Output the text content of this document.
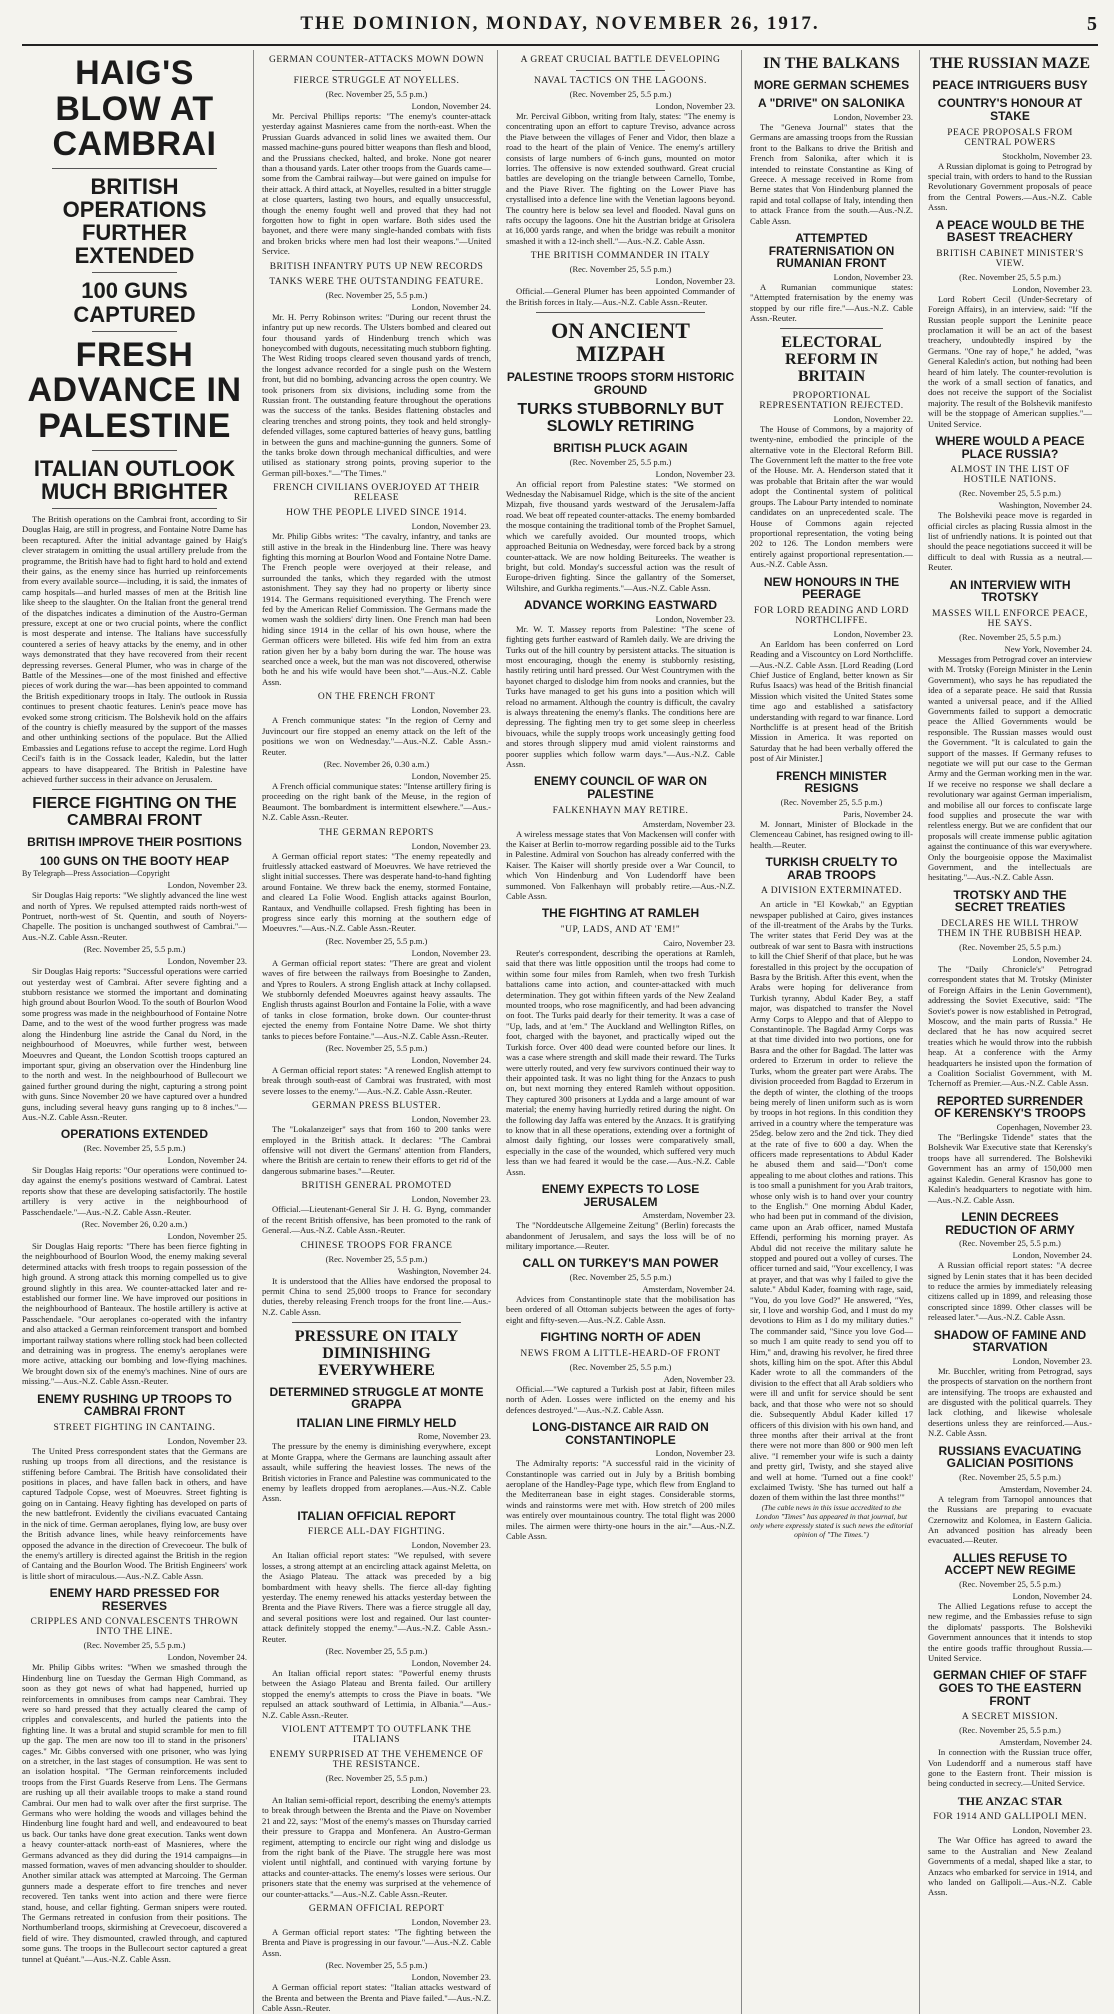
THE DOMINION, MONDAY, NOVEMBER 26, 1917.	5
HAIG'S BLOW AT CAMBRAI
BRITISH OPERATIONS FURTHER EXTENDED
100 GUNS CAPTURED
FRESH ADVANCE IN PALESTINE
ITALIAN OUTLOOK MUCH BRIGHTER

The British operations on the Cambrai front, according to Sir Douglas Haig, are still in progress, and Fontaine Notre Dame has been recaptured. After the initial advantage gained by Haig's clever stratagem in omitting the usual artillery prelude from the programme, the British have had to fight hard to hold and extend their gains, as the enemy since has hurried up reinforcements from every available source—including, it is said, the inmates of camp hospitals—and hurled masses of men at the British line like sheep to the slaughter. On the Italian front the general trend of the dispatches indicates a diminution of the Austro-German pressure, except at one or two crucial points, where the conflict is most desperate and intense. The Italians have successfully countered a series of heavy attacks by the enemy, and in other ways demonstrated that they have recovered from their recent depressing reverses. General Plumer, who was in charge of the Battle of the Messines—one of the most finished and effective pieces of work during the war—has been appointed to command the British expeditionary troops in Italy. The outlook in Russia continues to present chaotic features. Lenin's peace move has evoked some strong criticism. The Bolshevik hold on the affairs of the country is chiefly measured by the support of the masses and other unthinking sections of the populace. But the Allied Embassies and Legations refuse to accept the regime. Lord Hugh Cecil's faith is in the Cossack leader, Kaledin, but the latter appears to have disappeared. The British in Palestine have achieved further success in their advance on Jerusalem.

FIERCE FIGHTING ON THE CAMBRAI FRONT
BRITISH IMPROVE THEIR POSITIONS
100 GUNS ON THE BOOTY HEAP
By Telegraph—Press Association—Copyright
London, November 23.

Sir Douglas Haig reports: "We slightly advanced the line west and north of Ypres. We repulsed attempted raids north-west of Pontruet, north-west of St. Quentin, and south of Noyers-Chapelle. The position is unchanged southwest of Cambrai."—Aus.-N.Z. Cable Assn.-Reuter.

(Rec. November 25, 5.5 p.m.)
London, November 23.

Sir Douglas Haig reports: "Successful operations were carried out yesterday west of Cambrai. After severe fighting and a stubborn resistance we stormed the important and dominating high ground about Bourlon Wood. To the south of Bourlon Wood some progress was made in the neighbourhood of Fontaine Notre Dame, and to the west of the wood further progress was made along the Hindenburg line astride the Canal du Nord, in the neighbourhood of Moeuvres, while further west, between Moeuvres and Queant, the London Scottish troops captured an important spur, giving an observation over the Hindenburg line to the north and west. In the neighbourhood of Bullecourt we gained further ground during the night, capturing a strong point with guns. Since November 20 we have captured over a hundred guns, including several heavy guns ranging up to 8 inches."—Aus.-N.Z. Cable Assn.-Reuter.

OPERATIONS EXTENDED
(Rec. November 25, 5.5 p.m.)
London, November 24.

Sir Douglas Haig reports: "Our operations were continued to-day against the enemy's positions westward of Cambrai. Latest reports show that these are developing satisfactorily. The hostile artillery is very active in the neighbourhood of Passchendaele."—Aus.-N.Z. Cable Assn.-Reuter.

(Rec. November 26, 0.20 a.m.)
London, November 25.

Sir Douglas Haig reports: "There has been fierce fighting in the neighbourhood of Bourlon Wood, the enemy making several determined attacks with fresh troops to regain possession of the high ground. A strong attack this morning compelled us to give ground slightly in this area. We counter-attacked later and re-established our former line. We have improved our positions in the neighbourhood of Banteaux. The hostile artillery is active at Passchendaele. "Our aeroplanes co-operated with the infantry and also attacked a German reinforcement transport and bombed important railway stations where rolling stock had been collected and detraining was in progress. The enemy's aeroplanes were more active, attacking our bombing and low-flying machines. We brought down six of the enemy's machines. Nine of ours are missing."—Aus.-N.Z. Cable Assn.-Reuter.

ENEMY RUSHING UP TROOPS TO CAMBRAI FRONT
STREET FIGHTING IN CANTAING.
London, November 23.

The United Press correspondent states that the Germans are rushing up troops from all directions, and the resistance is stiffening before Cambrai. The British have consolidated their positions in places, and have fallen back in others, and have captured Tadpole Copse, west of Moeuvres. Street fighting is going on in Cantaing. Heavy fighting has developed on parts of the new battlefront. Evidently the civilians evacuated Cantaing in the nick of time. German aeroplanes, flying low, are busy over the British advance lines, while heavy reinforcements have opposed the advance in the direction of Crevecoeur. The bulk of the enemy's artillery is directed against the British in the region of Cantaing and the Bourlon Wood. The British Engineers' work is little short of miraculous.—Aus.-N.Z. Cable Assn.

ENEMY HARD PRESSED FOR RESERVES
CRIPPLES AND CONVALESCENTS THROWN INTO THE LINE.
(Rec. November 25, 5.5 p.m.)
London, November 24.

Mr. Philip Gibbs writes: "When we smashed through the Hindenburg line on Tuesday the German High Command, as soon as they got news of what had happened, hurried up reinforcements in omnibuses from camps near Cambrai. They were so hard pressed that they actually cleared the camp of cripples and convalescents, and hurled the patients into the fighting line. It was a brutal and stupid scramble for men to fill up the gap. The men are now too ill to stand in the prisoners' cages." Mr. Gibbs conversed with one prisoner, who was lying on a stretcher, in the last stages of consumption. He was sent to an isolation hospital. "The German reinforcements included troops from the First Guards Reserve from Lens. The Germans are rushing up all their available troops to make a stand round Cambrai. Our men had to walk over after the first surprise. The Germans who were holding the woods and villages behind the Hindenburg line fought hard and well, and endeavoured to beat us back. Our tanks have done great execution. Tanks went down a heavy counter-attack north-east of Masnieres, where the Germans advanced as they did during the 1914 campaigns—in massed formation, waves of men advancing shoulder to shoulder. Another similar attack was attempted at Marcoing. The German gunners made a desperate effort to fire trenches and never recovered. Ten tanks went into action and there were fierce stand, house, and cellar fighting. German snipers were routed. The Germans retreated in confusion from their positions. The Northumberland troops, skirmishing at Crevecoeur, discovered a field of wire. They dismounted, crawled through, and captured some guns. The troops in the Bullecourt sector captured a great tunnel at Quéant."—Aus.-N.Z. Cable Assn.

GERMAN COUNTER-ATTACKS MOWN DOWN
FIERCE STRUGGLE AT NOYELLES.
(Rec. November 25, 5.5 p.m.)
London, November 24.

Mr. Percival Phillips reports: "The enemy's counter-attack yesterday against Masnieres came from the north-east. When the Prussian Guards advanced in solid lines we awaited them. Our massed machine-guns poured bitter weapons than flesh and blood, and the Prussians checked, halted, and broke. None got nearer than a thousand yards. Later other troops from the Guards came—some from the Cambrai railway—but were gained on impulse for their attack. A third attack, at Noyelles, resulted in a bitter struggle at close quarters, lasting two hours, and equally unsuccessful, though the enemy fought well and proved that they had not forgotten how to fight in open warfare. Both sides used the bayonet, and there were many single-handed combats with fists and broken bricks where men had lost their weapons."—United Service.

BRITISH INFANTRY PUTS UP NEW RECORDS
TANKS WERE THE OUTSTANDING FEATURE.
(Rec. November 25, 5.5 p.m.)
London, November 24.

Mr. H. Perry Robinson writes: "During our recent thrust the infantry put up new records. The Ulsters bombed and cleared out four thousand yards of Hindenburg trench which was honeycombed with dugouts, necessitating much stubborn fighting. The West Riding troops cleared seven thousand yards of trench, the longest advance recorded for a single push on the Western front, but did no bombing, advancing across the open country. We took prisoners from six divisions, including some from the Russian front. The outstanding feature throughout the operations was the success of the tanks. Besides flattening obstacles and clearing trenches and strong points, they took and held strongly-defended villages, some captured batteries of heavy guns, battling in between the guns and machine-gunning the gunners. Some of the tanks broke down through mechanical difficulties, and were utilised as stationary strong points, proving superior to the German pill-boxes."—"The Times."

FRENCH CIVILIANS OVERJOYED AT THEIR RELEASE
HOW THE PEOPLE LIVED SINCE 1914.
London, November 23.

Mr. Philip Gibbs writes: "The cavalry, infantry, and tanks are still astive in the break in the Hindenburg line. There was heavy fighting this morning at Bourlon Wood and Fontaine Notre Dame. The French people were overjoyed at their release, and surrounded the tanks, which they regarded with the utmost astonishment. They say they had no property or liberty since 1914. The Germans requisitioned everything. The French were fed by the American Relief Commission. The Germans made the women wash the soldiers' dirty linen. One French man had been hiding since 1914 in the cellar of his own house, where the German officers were billeted. His wife fed him from an extra ration given her by a baby born during the war. The house was searched once a week, but the man was not discovered, otherwise both he and his wife would have been shot."—Aus.-N.Z. Cable Assn.

ON THE FRENCH FRONT
London, November 23.

A French communique states: "In the region of Cerny and Juvincourt our fire stopped an enemy attack on the left of the positions we won on Wednesday."—Aus.-N.Z. Cable Assn.-Reuter.

(Rec. November 26, 0.30 a.m.)
London, November 25.

A French official communique states: "Intense artillery firing is proceeding on the right bank of the Meuse, in the region of Beaumont. The bombardment is intermittent elsewhere."—Aus.-N.Z. Cable Assn.-Reuter.

THE GERMAN REPORTS
London, November 23.

A German official report states: "The enemy repeatedly and fruitlessly attacked eastward of Moeuvres. We have retrieved the slight initial successes. There was desperate hand-to-hand fighting around Fontaine. We threw back the enemy, stormed Fontaine, and cleared La Folie Wood. English attacks against Bourlon, Rantaux, and Vendhuille collapsed. Fresh fighting has been in progress since early this morning at the southern edge of Moeuvres."—Aus.-N.Z. Cable Assn.-Reuter.

(Rec. November 25, 5.5 p.m.)
London, November 23.

A German official report states: "There are great and violent waves of fire between the railways from Boesinghe to Zanden, and Ypres to Roulers. A strong English attack at Inchy collapsed. We stubbornly defended Moeuvres against heavy assaults. The English thrusts against Bourlon and Fontaine la Folie, with a wave of tanks in close formation, broke down. Our counter-thrust ejected the enemy from Fontaine Notre Dame. We shot thirty tanks to pieces before Fontaine."—Aus.-N.Z. Cable Assn.-Reuter.

(Rec. November 25, 5.5 p.m.)
London, November 24.

A German official report states: "A renewed English attempt to break through south-east of Cambrai was frustrated, with most severe losses to the enemy."—Aus.-N.Z. Cable Assn.-Reuter.

GERMAN PRESS BLUSTER.
London, November 23.

The "Lokalanzeiger" says that from 160 to 200 tanks were employed in the British attack. It declares: "The Cambrai offensive will not divert the Germans' attention from Flanders, where the British are certain to renew their efforts to get rid of the dangerous submarine bases."—Reuter.

BRITISH GENERAL PROMOTED
London, November 23.

Official.—Lieutenant-General Sir J. H. G. Byng, commander of the recent British offensive, has been promoted to the rank of General.—Aus.-N.Z. Cable Assn.-Reuter.

CHINESE TROOPS FOR FRANCE
(Rec. November 25, 5.5 p.m.)
Washington, November 24.

It is understood that the Allies have endorsed the proposal to permit China to send 25,000 troops to France for secondary duties, thereby releasing French troops for the front line.—Aus.-N.Z. Cable Assn.

PRESSURE ON ITALY DIMINISHING EVERYWHERE
DETERMINED STRUGGLE AT MONTE GRAPPA
ITALIAN LINE FIRMLY HELD
Rome, November 23.

The pressure by the enemy is diminishing everywhere, except at Monte Grappa, where the Germans are launching assault after assault, while suffering the heaviest losses. The news of the British victories in France and Palestine was communicated to the enemy by leaflets dropped from aeroplanes.—Aus.-N.Z. Cable Assn.

ITALIAN OFFICIAL REPORT
FIERCE ALL-DAY FIGHTING.
London, November 23.

An Italian official report states: "We repulsed, with severe losses, a strong attempt at an encircling attack against Meletta, on the Asiago Plateau. The attack was preceded by a big bombardment with heavy shells. The fierce all-day fighting yesterday. The enemy renewed his attacks yesterday between the Brenta and the Piave Rivers. There was a fierce struggle all day, and several positions were lost and regained. Our last counter-attack definitely stopped the enemy."—Aus.-N.Z. Cable Assn.-Reuter.

(Rec. November 25, 5.5 p.m.)
London, November 24.

An Italian official report states: "Powerful enemy thrusts between the Asiago Plateau and Brenta failed. Our artillery stopped the enemy's attempts to cross the Piave in boats. "We repulsed an attack southward of Lettimia, in Albania."—Aus.-N.Z. Cable Assn.-Reuter.

VIOLENT ATTEMPT TO OUTFLANK THE ITALIANS
ENEMY SURPRISED AT THE VEHEMENCE OF THE RESISTANCE.
(Rec. November 25, 5.5 p.m.)
London, November 23.

An Italian semi-official report, describing the enemy's attempts to break through between the Brenta and the Piave on November 21 and 22, says: "Most of the enemy's masses on Thursday carried their pressure to Grappa and Monfenera. An Austro-German regiment, attempting to encircle our right wing and dislodge us from the right bank of the Piave. The struggle here was most violent until nightfall, and continued with varying fortune by attacks and counter-attacks. The enemy's losses were serious. Our prisoners state that the enemy was surprised at the vehemence of our counter-attacks."—Aus.-N.Z. Cable Assn.-Reuter.

GERMAN OFFICIAL REPORT
London, November 23.

A German official report states: "The fighting between the Brenta and Piave is progressing in our favour."—Aus.-N.Z. Cable Assn.

(Rec. November 25, 5.5 p.m.)
London, November 23.

A German official report states: "Italian attacks westward of the Brenta and between the Brenta and Piave failed."—Aus.-N.Z. Cable Assn.-Reuter.

A GREAT CRUCIAL BATTLE DEVELOPING
NAVAL TACTICS ON THE LAGOONS.
(Rec. November 25, 5.5 p.m.)
London, November 23.

Mr. Percival Gibbon, writing from Italy, states: "The enemy is concentrating upon an effort to capture Treviso, advance across the Piave between the villages of Fener and Vidor, then blaze a road to the heart of the plain of Venice. The enemy's artillery consists of large numbers of 6-inch guns, mounted on motor lorries. The offensive is now extended southward. Great crucial battles are developing on the triangle between Carnello, Tombe, and the Piave River. The fighting on the Lower Piave has crystallised into a defence line with the Venetian lagoons beyond. The country here is below sea level and flooded. Naval guns on rafts occupy the lagoons. One hit the Austrian bridge at Grisolera at 16,000 yards range, and when the bridge was rebuilt a monitor smashed it with a 12-inch shell."—Aus.-N.Z. Cable Assn.

THE BRITISH COMMANDER IN ITALY
(Rec. November 25, 5.5 p.m.)
London, November 23.

Official.—General Plumer has been appointed Commander of the British forces in Italy.—Aus.-N.Z. Cable Assn.-Reuter.

ON ANCIENT MIZPAH
PALESTINE TROOPS STORM HISTORIC GROUND
TURKS STUBBORNLY BUT SLOWLY RETIRING
BRITISH PLUCK AGAIN
(Rec. November 25, 5.5 p.m.)
London, November 23.

An official report from Palestine states: "We stormed on Wednesday the Nabisamuel Ridge, which is the site of the ancient Mizpah, five thousand yards westward of the Jerusalem-Jaffa road. We beat off repeated counter-attacks. The enemy bombarded the mosque containing the traditional tomb of the Prophet Samuel, which we carefully avoided. Our mounted troops, which approached Beitunia on Wednesday, were forced back by a strong counter-attack. We are now holding Beitureeks. The weather is bright, but cold. Monday's successful action was the result of Europe-driven fighting. Since the gallantry of the Somerset, Wiltshire, and Gurkha regiments."—Aus.-N.Z. Cable Assn.

ADVANCE WORKING EASTWARD
London, November 23.

Mr. W. T. Massey reports from Palestine: "The scene of fighting gets further eastward of Ramleh daily. We are driving the Turks out of the hill country by persistent attacks. The situation is most encouraging, though the enemy is stubbornly resisting, hastily retiring until hard pressed. Our West Countrymen with the bayonet charged to dislodge him from nooks and crannies, but the Turks have managed to get his guns into a position which will reload no armament. Although the country is difficult, the cavalry is always threatening the enemy's flanks. The conditions here are depressing. The fighting men try to get some sleep in cheerless bivouacs, while the supply troops work unceasingly getting food and stores through slippery mud amid violent rainstorms and poorer supplies which follow warm days."—Aus.-N.Z. Cable Assn.

ENEMY COUNCIL OF WAR ON PALESTINE
FALKENHAYN MAY RETIRE.
Amsterdam, November 23.

A wireless message states that Von Mackensen will confer with the Kaiser at Berlin to-morrow regarding possible aid to the Turks in Palestine. Admiral von Souchon has already conferred with the Kaiser. The Kaiser will shortly preside over a War Council, to which Von Hindenburg and Von Ludendorff have been summoned. Von Falkenhayn will probably retire.—Aus.-N.Z. Cable Assn.

THE FIGHTING AT RAMLEH
"UP, LADS, AND AT 'EM!"
Cairo, November 23.

Reuter's correspondent, describing the operations at Ramleh, said that there was little opposition until the troops had come to within some four miles from Ramleh, when two fresh Turkish battalions came into action, and counter-attacked with much determination. They got within fifteen yards of the New Zealand mounted troops, who rose magnificently, and had been advancing on foot. The Turks paid dearly for their temerity. It was a case of "Up, lads, and at 'em." The Auckland and Wellington Rifles, on foot, charged with the bayonet, and practically wiped out the Turkish force. Over 400 dead were counted before our lines. It was a case where strength and skill made their reward. The Turks were utterly routed, and very few survivors continued their way to their appointed task. It was no light thing for the Anzacs to push on, but next morning they entered Ramleh without opposition. They captured 300 prisoners at Lydda and a large amount of war material; the enemy having hurriedly retired during the night. On the following day Jaffa was entered by the Anzacs. It is gratifying to know that in all these operations, extending over a fortnight of almost daily fighting, our losses were comparatively small, especially in the case of the wounded, which suffered very much less than we had feared it would be the case.—Aus.-N.Z. Cable Assn.

ENEMY EXPECTS TO LOSE JERUSALEM
Amsterdam, November 23.

The "Norddeutsche Allgemeine Zeitung" (Berlin) forecasts the abandonment of Jerusalem, and says the loss will be of no military importance.—Reuter.

CALL ON TURKEY'S MAN POWER
(Rec. November 25, 5.5 p.m.)
Amsterdam, November 24.

Advices from Constantinople state that the mobilisation has been ordered of all Ottoman subjects between the ages of forty-eight and fifty-seven.—Aus.-N.Z. Cable Assn.

FIGHTING NORTH OF ADEN
NEWS FROM A LITTLE-HEARD-OF FRONT
(Rec. November 25, 5.5 p.m.)
Aden, November 23.

Official.—"We captured a Turkish post at Jabir, fifteen miles north of Aden. Losses were inflicted on the enemy and his defences destroyed."—Aus.-N.Z. Cable Assn.

LONG-DISTANCE AIR RAID ON CONSTANTINOPLE
London, November 23.

The Admiralty reports: "A successful raid in the vicinity of Constantinople was carried out in July by a British bombing aeroplane of the Handley-Page type, which flew from England to the Mediterranean base in eight stages. Considerable storms, winds and rainstorms were met with. How stretch of 200 miles was entirely over mountainous country. The total flight was 2000 miles. The airmen were thirty-one hours in the air."—Aus.-N.Z. Cable Assn.

IN THE BALKANS
MORE GERMAN SCHEMES
A "DRIVE" ON SALONIKA
London, November 23.

The "Geneva Journal" states that the Germans are amassing troops from the Russian front to the Balkans to drive the British and French from Salonika, after which it is intended to reinstate Constantine as King of Greece. A message received in Rome from Berne states that Von Hindenburg planned the rapid and total collapse of Italy, intending then to attack France from the south.—Aus.-N.Z. Cable Assn.

ATTEMPTED FRATERNISATION ON RUMANIAN FRONT
London, November 23.

A Rumanian communique states: "Attempted fraternisation by the enemy was stopped by our rifle fire."—Aus.-N.Z. Cable Assn.-Reuter.

ELECTORAL REFORM IN BRITAIN
PROPORTIONAL REPRESENTATION REJECTED.
London, November 22.

The House of Commons, by a majority of twenty-nine, embodied the principle of the alternative vote in the Electoral Reform Bill. The Government left the matter to the free vote of the House. Mr. A. Henderson stated that it was probable that Britain after the war would adopt the Continental system of political groups. The Labour Party intended to nominate candidates on an unprecedented scale. The House of Commons again rejected proportional representation, the voting being 202 to 126. The London members were entirely against proportional representation.—Aus.-N.Z. Cable Assn.

NEW HONOURS IN THE PEERAGE
FOR LORD READING AND LORD NORTHCLIFFE.
London, November 23.

An Earldom has been conferred on Lord Reading and a Viscountcy on Lord Northcliffe.—Aus.-N.Z. Cable Assn. [Lord Reading (Lord Chief Justice of England, better known as Sir Rufus Isaacs) was head of the British financial Mission which visited the United States some time ago and established a satisfactory understanding with regard to war finance. Lord Northcliffe is at present head of the British Mission in America. It was reported on Saturday that he had been verbally offered the post of Air Minister.]

FRENCH MINISTER RESIGNS
(Rec. November 25, 5.5 p.m.)
Paris, November 24.

M. Jonnart, Minister of Blockade in the Clemenceau Cabinet, has resigned owing to ill-health.—Reuter.

TURKISH CRUELTY TO ARAB TROOPS
A DIVISION EXTERMINATED.

An article in "El Kowkab," an Egyptian newspaper published at Cairo, gives instances of the ill-treatment of the Arabs by the Turks. The writer states that Ferid Dey was at the outbreak of war sent to Basra with instructions to kill the Chief Sherif of that place, but he was forestalled in this project by the occupation of Basra by the British. After this event, when the Arabs were hoping for deliverance from Turkish tyranny, Abdul Kader Bey, a staff major, was dispatched to transfer the Novel Army Corps to Aleppo and that of Aleppo to Constantinople. The Bagdad Army Corps was at that time divided into two portions, one for Basra and the other for Bagdad. The latter was ordered to Erzerum in order to relieve the Turks, whom the greater part were Arabs. The division proceeded from Bagdad to Erzerum in the depth of winter, the clothing of the troops being merely of linen uniform such as is worn by troops in hot regions. In this condition they arrived in a country where the temperature was 25deg. below zero and the 2nd tick. They died at the rate of five to 600 a day. When the officers made representations to Abdul Kader he abused them and said—"Don't come appealing to me about clothes and rations. This is too small a punishment for you Arab traitors, whose only wish is to hand over your country to the English." One morning Abdul Kader, who had been put in command of the division, came upon an Arab officer, named Mustafa Effendi, performing his morning prayer. As Abdul did not receive the military salute he stopped and poured out a volley of curses. The officer turned and said, "Your excellency, I was at prayer, and that was why I failed to give the salute." Abdul Kader, foaming with rage, said, "You, do you love God?" He answered, "Yes, sir, I love and worship God, and I must do my devotions to Him as I do my military duties." The commander said, "Since you love God—so much I am quite ready to send you off to Him," and, drawing his revolver, he fired three shots, killing him on the spot. After this Abdul Kader wrote to all the commanders of the division to the effect that all Arab soldiers who were ill and unfit for service should be sent back, and that those who were not so should die. Subsequently Abdul Kader killed 17 officers of this division with his own hand, and three months after their arrival at the front there were not more than 800 or 900 men left alive. "I remember your wife is such a dainty and pretty girl, Twisty, and she stayed alive and well at home. 'Turned out a fine cook!' exclaimed Twisty. 'She has turned out half a dozen of them within the last three months!'"

(The cable news in this issue accredited to the London "Times" has appeared in that journal, but only where expressly stated is such news the editorial opinion of "The Times.")

THE RUSSIAN MAZE
PEACE INTRIGUERS BUSY
COUNTRY'S HONOUR AT STAKE
PEACE PROPOSALS FROM CENTRAL POWERS
Stockholm, November 23.

A Russian diplomat is going to Petrograd by special train, with orders to hand to the Russian Revolutionary Government proposals of peace from the Central Powers.—Aus.-N.Z. Cable Assn.

A PEACE WOULD BE THE BASEST TREACHERY
BRITISH CABINET MINISTER'S VIEW.
(Rec. November 25, 5.5 p.m.)
London, November 23.

Lord Robert Cecil (Under-Secretary of Foreign Affairs), in an interview, said: "If the Russian people support the Leninite peace proclamation it will be an act of the basest treachery, undoubtedly inspired by the Germans. "One ray of hope," he added, "was General Kaledin's action, but nothing had been heard of him lately. The counter-revolution is the work of a small section of fanatics, and does not receive the support of the Socialist majority. The result of the Bolshevik manifesto will be the stoppage of American supplies."—United Service.

WHERE WOULD A PEACE PLACE RUSSIA?
ALMOST IN THE LIST OF HOSTILE NATIONS.
(Rec. November 25, 5.5 p.m.)
Washington, November 24.

The Bolsheviki peace move is regarded in official circles as placing Russia almost in the list of unfriendly nations. It is pointed out that should the peace negotiations succeed it will be difficult to deal with Russia as a neutral.—Reuter.

AN INTERVIEW WITH TROTSKY
MASSES WILL ENFORCE PEACE, HE SAYS.
(Rec. November 25, 5.5 p.m.)
New York, November 24.

Messages from Petrograd cover an interview with M. Trotsky (Foreign Minister in the Lenin Government), who says he has repudiated the idea of a separate peace. He said that Russia wanted a universal peace, and if the Allied Governments failed to support a democratic peace the Allied Governments would be responsible. The Russian masses would oust the Government. "It is calculated to gain the support of the masses. If Germany refuses to negotiate we will put our case to the German Army and the German working men in the war. If we receive no response we shall declare a revolutionary war against German imperialism, and mobilise all our forces to confiscate large food supplies and prosecute the war with relentless energy. But we are confident that our proposals will create immense public agitation against the continuance of this war everywhere. Only the bourgeoisie oppose the Maximalist Government, and the intellectuals are hesitating."—Aus.-N.Z. Cable Assn.

TROTSKY AND THE SECRET TREATIES
DECLARES HE WILL THROW THEM IN THE RUBBISH HEAP.
(Rec. November 25, 5.5 p.m.)
London, November 24.

The "Daily Chronicle's" Petrograd correspondent states that M. Trotsky (Minister of Foreign Affairs in the Lenin Government), addressing the Soviet Executive, said: "The Soviet's power is now established in Petrograd, Moscow, and the main parts of Russia." He declared that he has now acquired secret treaties which he would throw into the rubbish heap. At a conference with the Army headquarters he insisted upon the formation of a Coalition Socialist Government, with M. Tchernoff as Premier.—Aus.-N.Z. Cable Assn.

REPORTED SURRENDER OF KERENSKY'S TROOPS
Copenhagen, November 23.

The "Berlingske Tidende" states that the Bolshevik War Executive state that Kerensky's troops have all surrendered. The Bolsheviki Government has an army of 150,000 men against Kaledin. General Krasnov has gone to Kaledin's headquarters to negotiate with him.—Aus.-N.Z. Cable Assn.

LENIN DECREES REDUCTION OF ARMY
(Rec. November 25, 5.5 p.m.)
London, November 24.

A Russian official report states: "A decree signed by Lenin states that it has been decided to reduce the armies by immediately releasing citizens called up in 1899, and releasing those conscripted since 1899. Other classes will be released later."—Aus.-N.Z. Cable Assn.

SHADOW OF FAMINE AND STARVATION
London, November 23.

Mr. Bucchler, writing from Petrograd, says the prospects of starvation on the northern front are intensifying. The troops are exhausted and are disgusted with the political quarrels. They lack clothing, and likewise wholesale desertions unless they are reinforced.—Aus.-N.Z. Cable Assn.

RUSSIANS EVACUATING GALICIAN POSITIONS
(Rec. November 25, 5.5 p.m.)
Amsterdam, November 24.

A telegram from Tarnopol announces that the Russians are preparing to evacuate Czernowitz and Kolomea, in Eastern Galicia. An advanced position has already been evacuated.—Reuter.

ALLIES REFUSE TO ACCEPT NEW REGIME
(Rec. November 25, 5.5 p.m.)
London, November 24.

The Allied Legations refuse to accept the new regime, and the Embassies refuse to sign the diplomats' passports. The Bolsheviki Government announces that it intends to stop the entire goods traffic throughout Russia.—United Service.

GERMAN CHIEF OF STAFF GOES TO THE EASTERN FRONT
A SECRET MISSION.
(Rec. November 25, 5.5 p.m.)
Amsterdam, November 24.

In connection with the Russian truce offer, Von Ludendorff and a numerous staff have gone to the Eastern front. Their mission is being conducted in secrecy.—United Service.

THE ANZAC STAR
FOR 1914 AND GALLIPOLI MEN.
London, November 23.

The War Office has agreed to award the same to the Australian and New Zealand Governments of a medal, shaped like a star, to Anzacs who embarked for service in 1914, and who landed on Gallipoli.—Aus.-N.Z. Cable Assn.
